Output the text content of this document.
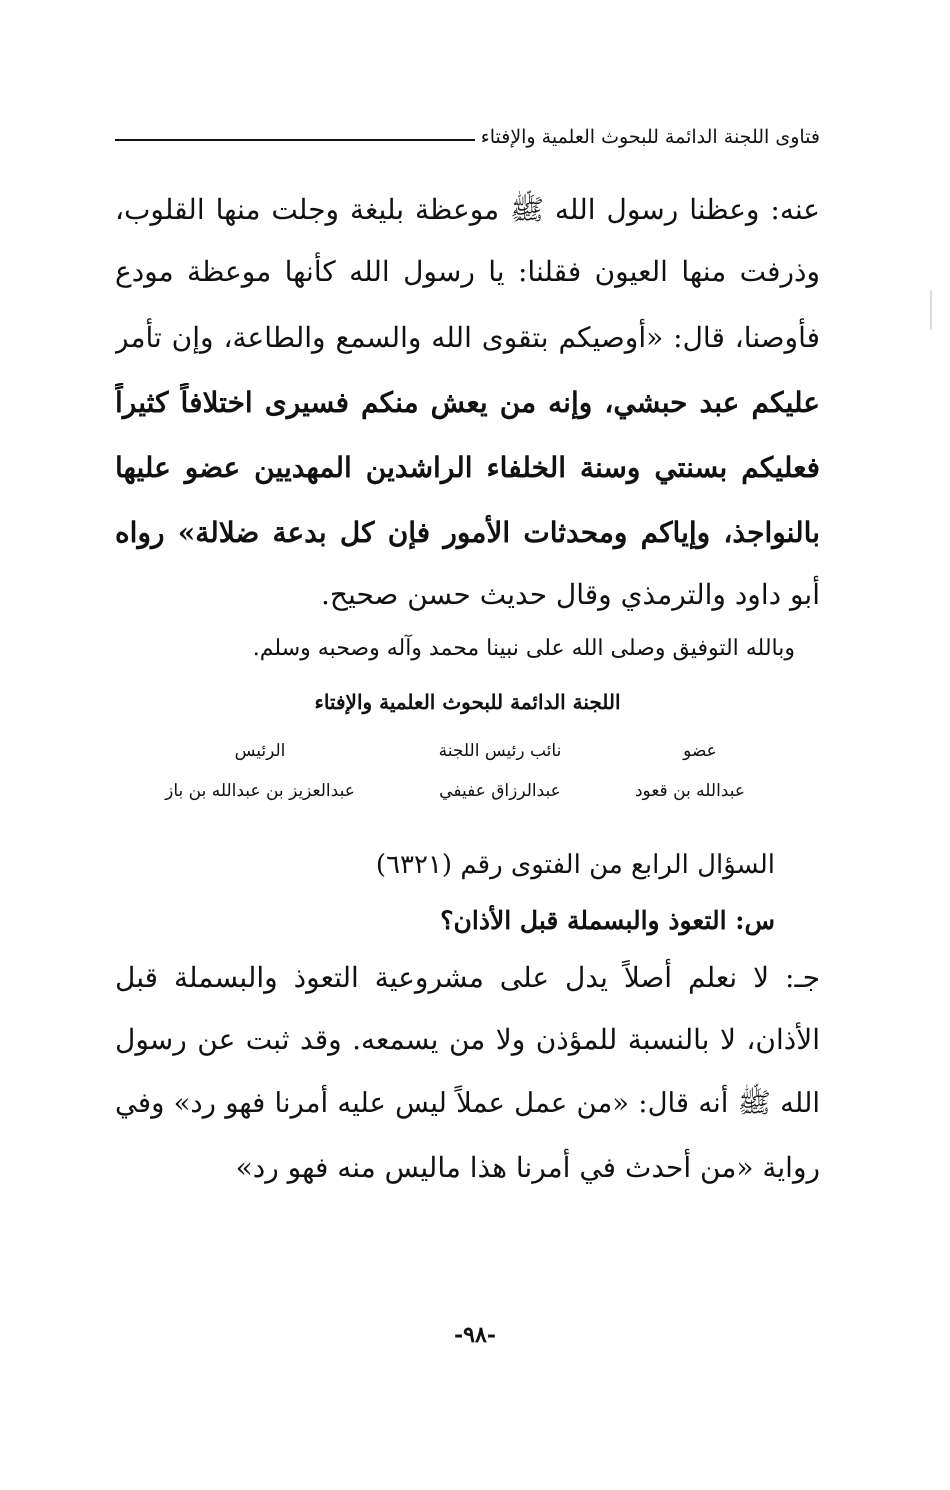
فتاوى اللجنة الدائمة للبحوث العلمية والإفتاء
عنه: وعظنا رسول الله ﷺ موعظة بليغة وجلت منها القلوب،
وذرفت منها العيون فقلنا: يا رسول الله كأنها موعظة مودع
فأوصنا، قال: «أوصيكم بتقوى الله والسمع والطاعة، وإن تأمر
عليكم عبد حبشي، وإنه من يعش منكم فسيرى اختلافاً كثيراً
فعليكم بسنتي وسنة الخلفاء الراشدين المهديين عضو عليها
بالنواجذ، وإياكم ومحدثات الأمور فإن كل بدعة ضلالة» رواه
أبو داود والترمذي وقال حديث حسن صحيح.
وبالله التوفيق وصلى الله على نبينا محمد وآله وصحبه وسلم.
اللجنة الدائمة للبحوث العلمية والإفتاء
عضو
عبدالله بن قعود
نائب رئيس اللجنة
عبدالرزاق عفيفي
الرئيس
عبدالعزيز بن عبدالله بن باز
السؤال الرابع من الفتوى رقم (٦٣٢١)
س: التعوذ والبسملة قبل الأذان؟
جـ: لا نعلم أصلاً يدل على مشروعية التعوذ والبسملة قبل
الأذان، لا بالنسبة للمؤذن ولا من يسمعه. وقد ثبت عن رسول
الله ﷺ أنه قال: «من عمل عملاً ليس عليه أمرنا فهو رد» وفي
رواية «من أحدث في أمرنا هذا ماليس منه فهو رد»
-٩٨-
